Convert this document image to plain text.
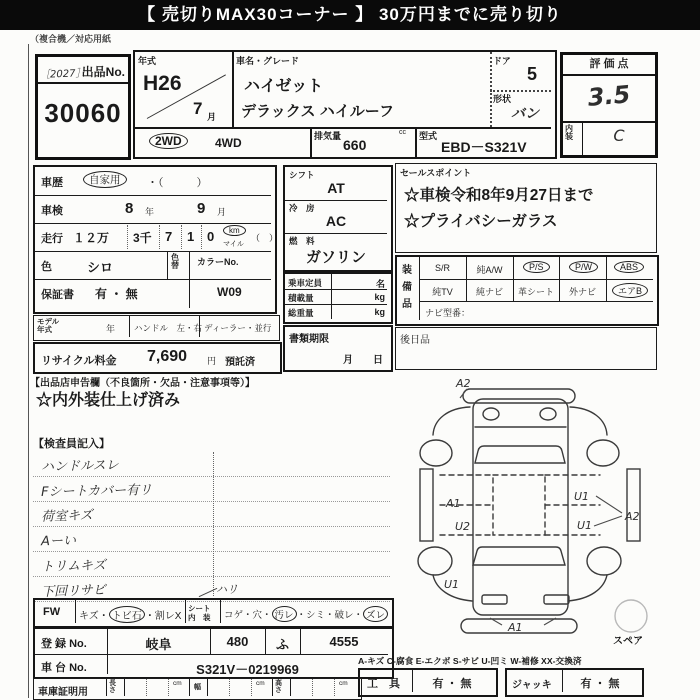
【 売切りMAX30コーナー 】 30万円までに売り切り
（複合機／対応用紙
出品No.
［2027］
30060
年式
H26
7 月
車名・グレード
ハイゼット
デラックス ハイルーフ
ドア
5
形状
バン
2WD	4WD	排気量	cc
660
型式
EBD－S321V
評 価 点
3.5
内装	C
車歴	自家用	・（　　　）
車検	8 年	9 月
走行 １２万 3千 7 1 0	km
マイル
（　）
色	シロ
色替	カラーNo.
W09
保証書 有 ・ 無
モデル年式	年 ハンドル　左・右 ディーラー・並行
リサイクル料金 7,690 円 預託済
【出品店申告欄（不良箇所・欠品・注意事項等）】
☆内外装仕上げ済み
シフト
AT
冷　房
AC
燃　料
ガソリン
乗車定員	名
積載量	kg
総重量	kg
書類期限
月　　日
セールスポイント
☆車検令和8年9月27日まで
☆プライバシーガラス
装備品
S/R	純A/W	P/S	P/W	ABS
純TV	純ナビ	革シート	外ナビ	エアB
ナビ型番：
後日品
【検査員記入】
ハンドルスレ
Fシートカバー有リ
荷室キズ
Aーい
トリムキズ
下回リサビ	ハリ
FW キズ・ トビ石 ・割レX
シート
内　装 コゲ・穴・ 汚レ ・シミ・破レ・ ズレ
登 録 No.	岐阜	480	ふ	4555
車 台 No.	S321V－0219969
車庫証明用
長さ
cm
幅
cm 高さ
cm
A2
A1
U2
U1
U1
A2
U1
A1
スペア
A-キズ C-腐食 E-エクボ S-サビ U-凹ミ W-補修 XX-交換済
工　具	有 ・ 無	ジャッキ	有 ・ 無
